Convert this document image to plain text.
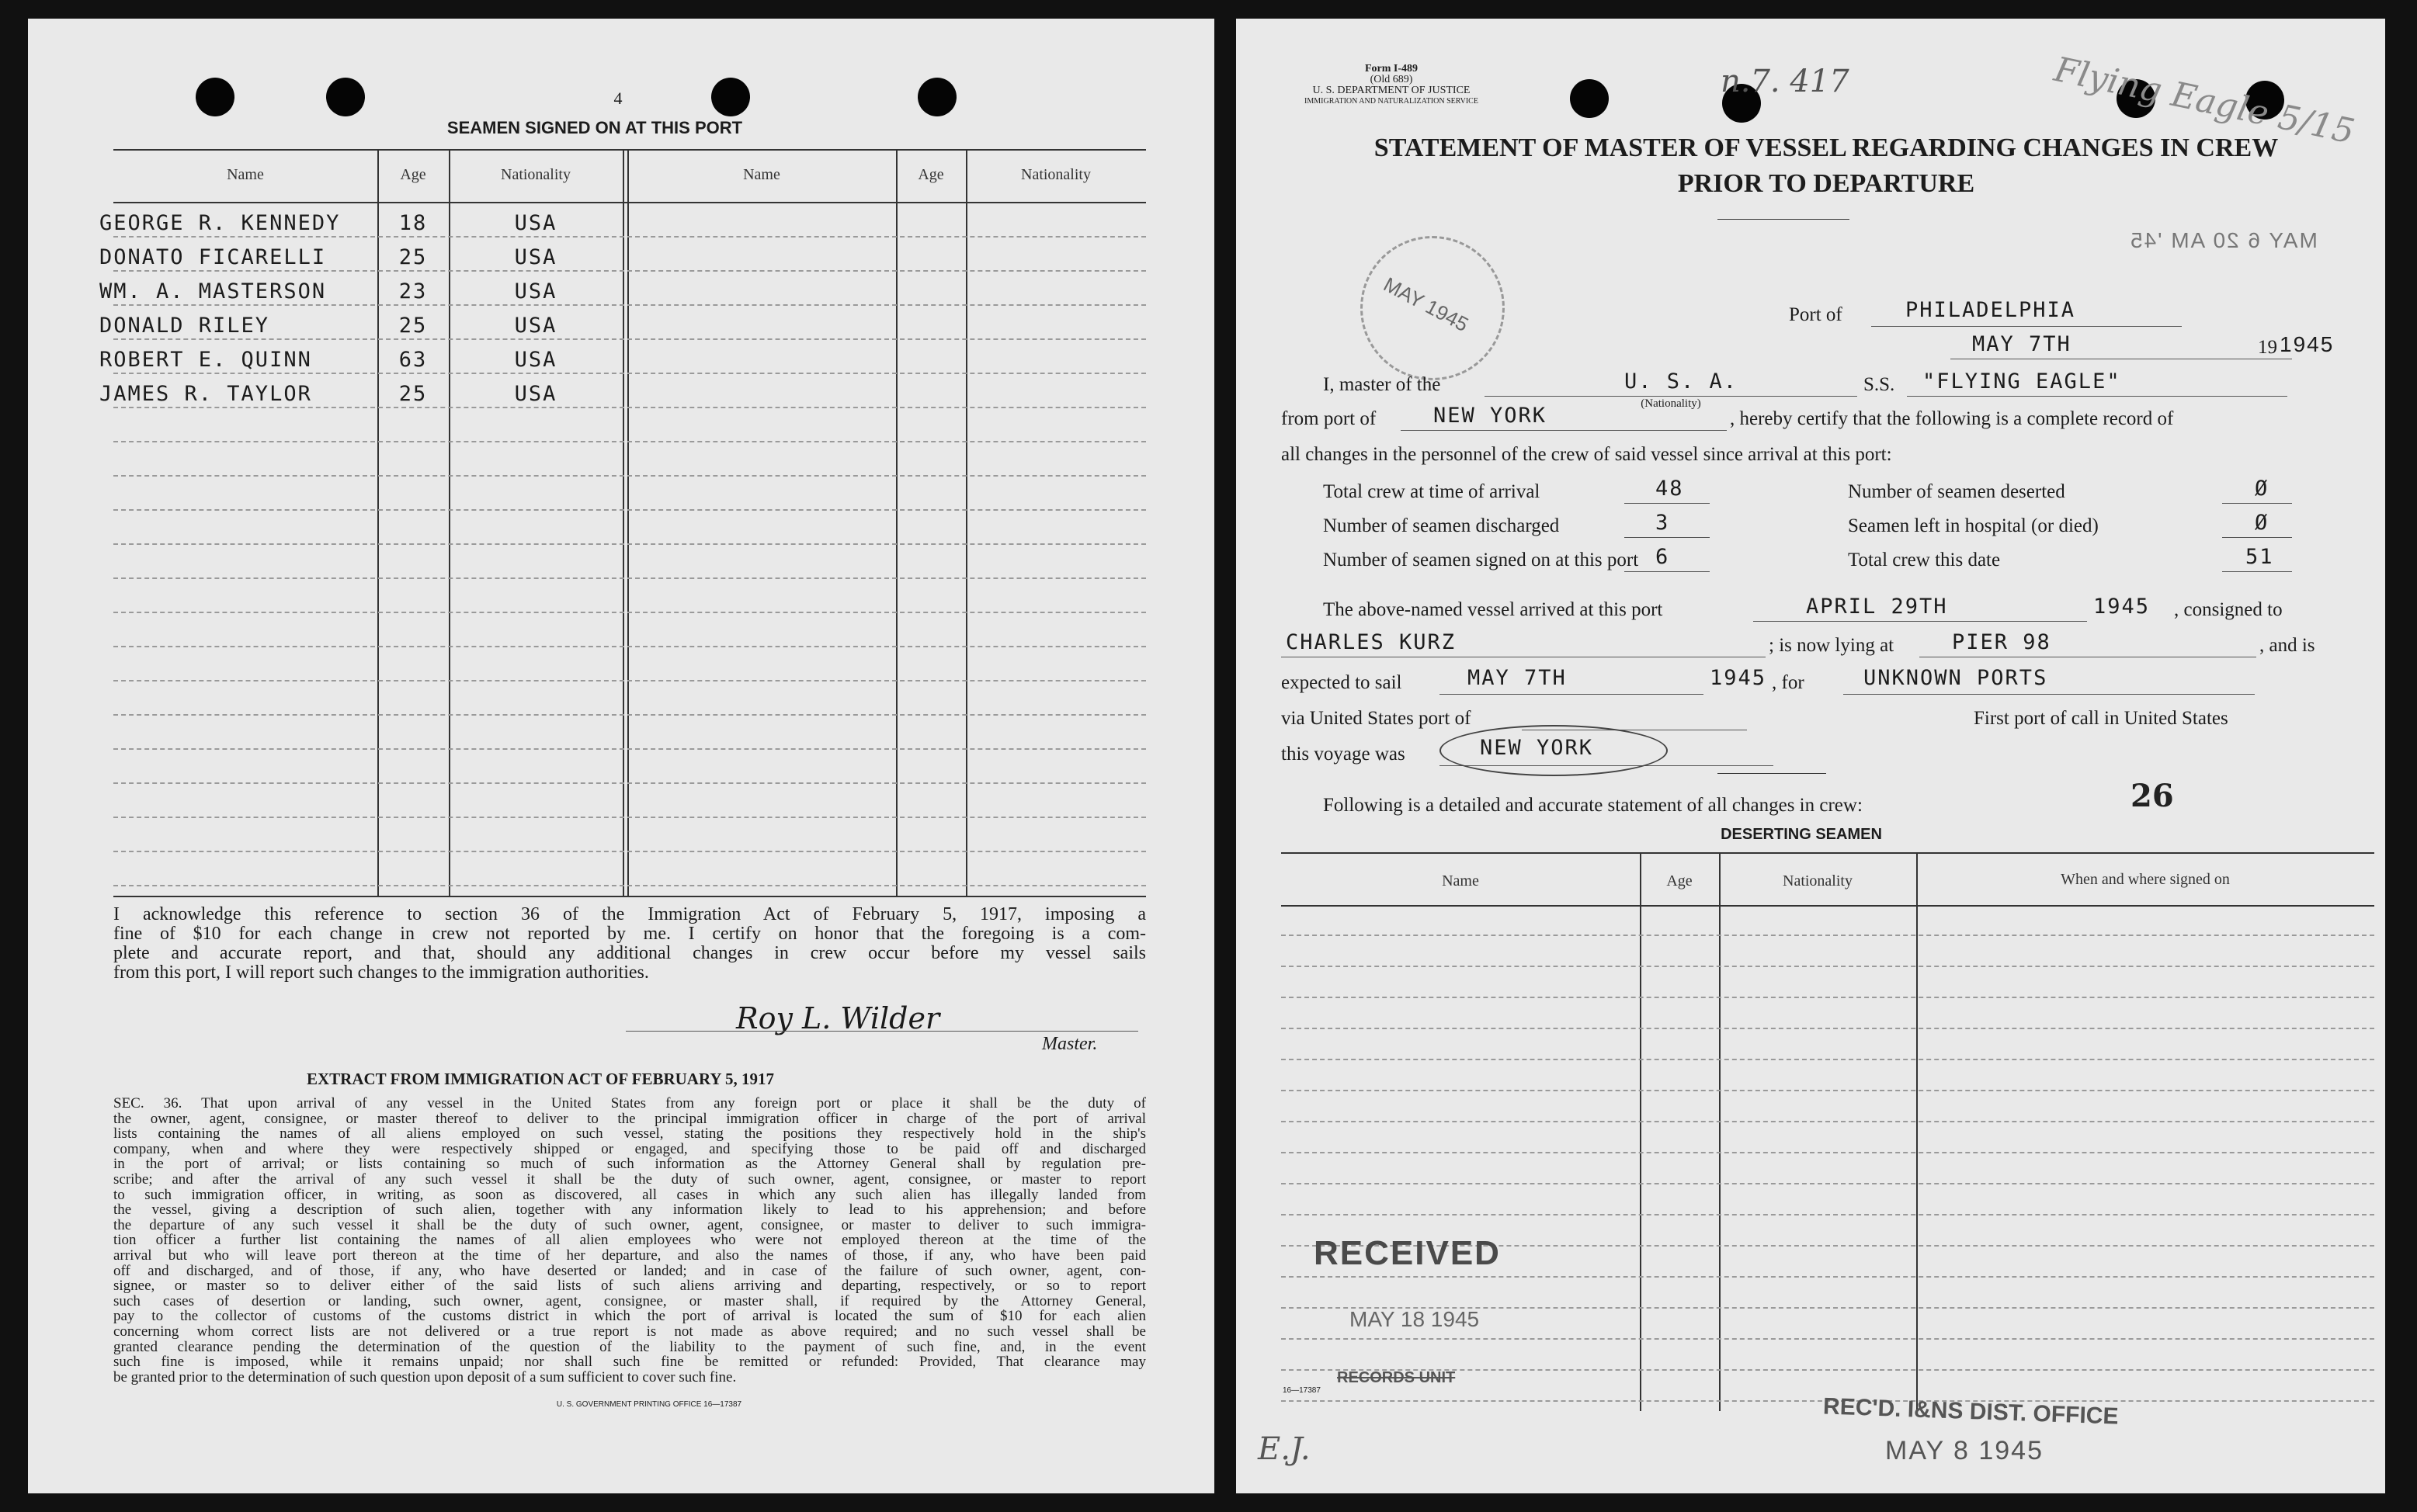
4
SEAMEN SIGNED ON AT THIS PORT
Name	Age	Nationality	Name	Age	Nationality
GEORGE R. KENNEDY	18	USA
DONATO FICARELLI	25	USA
WM. A. MASTERSON	23	USA
DONALD RILEY	25	USA
ROBERT E. QUINN	63	USA
JAMES R. TAYLOR	25	USA
I acknowledge this reference to section 36 of the Immigration Act of February 5, 1917, imposing a
fine of $10 for each change in crew not reported by me. I certify on honor that the foregoing is a com-
plete and accurate report, and that, should any additional changes in crew occur before my vessel sails
from this port, I will report such changes to the immigration authorities.
Roy L. Wilder
Master.
EXTRACT FROM IMMIGRATION ACT OF FEBRUARY 5, 1917
SEC. 36. That upon arrival of any vessel in the United States from any foreign port or place it shall be the duty of
the owner, agent, consignee, or master thereof to deliver to the principal immigration officer in charge of the port of arrival
lists containing the names of all aliens employed on such vessel, stating the positions they respectively hold in the ship's
company, when and where they were respectively shipped or engaged, and specifying those to be paid off and discharged
in the port of arrival; or lists containing so much of such information as the Attorney General shall by regulation pre-
scribe; and after the arrival of any such vessel it shall be the duty of such owner, agent, consignee, or master to report
to such immigration officer, in writing, as soon as discovered, all cases in which any such alien has illegally landed from
the vessel, giving a description of such alien, together with any information likely to lead to his apprehension; and before
the departure of any such vessel it shall be the duty of such owner, agent, consignee, or master to deliver to such immigra-
tion officer a further list containing the names of all alien employees who were not employed thereon at the time of the
arrival but who will leave port thereon at the time of her departure, and also the names of those, if any, who have been paid
off and discharged, and of those, if any, who have deserted or landed; and in case of the failure of such owner, agent, con-
signee, or master so to deliver either of the said lists of such aliens arriving and departing, respectively, or so to report
such cases of desertion or landing, such owner, agent, consignee, or master shall, if required by the Attorney General,
pay to the collector of customs of the customs district in which the port of arrival is located the sum of $10 for each alien
concerning whom correct lists are not delivered or a true report is not made as above required; and no such vessel shall be
granted clearance pending the determination of the question of the liability to the payment of such fine, and, in the event
such fine is imposed, while it remains unpaid; nor shall such fine be remitted or refunded: Provided, That clearance may
be granted prior to the determination of such question upon deposit of a sum sufficient to cover such fine.
U. S. GOVERNMENT PRINTING OFFICE 16—17387
Form I-489
(Old 689)
U. S. DEPARTMENT OF JUSTICE
IMMIGRATION AND NATURALIZATION SERVICE
n.7. 417	Flying Eagle 5/15
STATEMENT OF MASTER OF VESSEL REGARDING CHANGES IN CREW
PRIOR TO DEPARTURE
MAY 6 20 AM '45
MAY 1945	Port of	PHILADELPHIA
MAY 7TH	19 1945
I, master of the	U. S. A.
(Nationality)
S.S. "FLYING EAGLE"
from port of	NEW YORK	, hereby certify that the following is a complete record of
all changes in the personnel of the crew of said vessel since arrival at this port:
Total crew at time of arrival	48
Number of seamen discharged	3
Number of seamen signed on at this port 6
Number of seamen deserted	Ø
Seamen left in hospital (or died)	Ø
Total crew this date	51
The above-named vessel arrived at this port	APRIL 29TH	1945 , consigned to
CHARLES KURZ	; is now lying at	PIER 98	, and is
expected to sail	MAY 7TH	1945 , for	UNKNOWN PORTS
via United States port of	First port of call in United States
this voyage was	NEW YORK
Following is a detailed and accurate statement of all changes in crew:	26
DESERTING SEAMEN
Name	Age	Nationality	When and where signed on
RECEIVED
MAY 18 1945
RECORDS UNIT
16—17387
E.J.
REC'D. I&NS DIST. OFFICE
MAY 8 1945
